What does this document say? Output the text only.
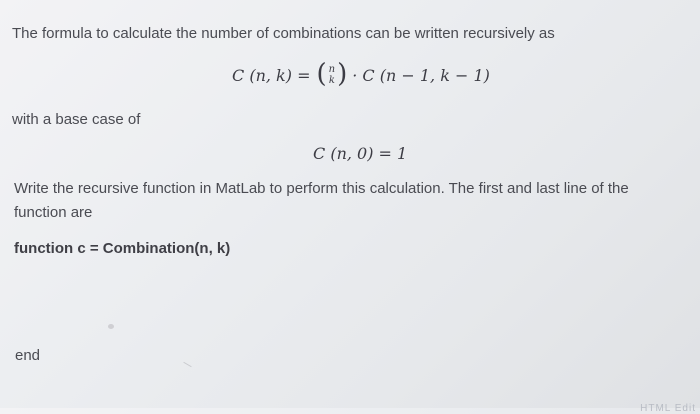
The formula to calculate the number of combinations can be written recursively as
C (n, k) = ( n
k ) · C (n − 1, k − 1)
with a base case of
C (n, 0) = 1
Write the recursive function in MatLab to perform this calculation. The first and last line of the function are
function c = Combination(n, k)
end
HTML Edit
